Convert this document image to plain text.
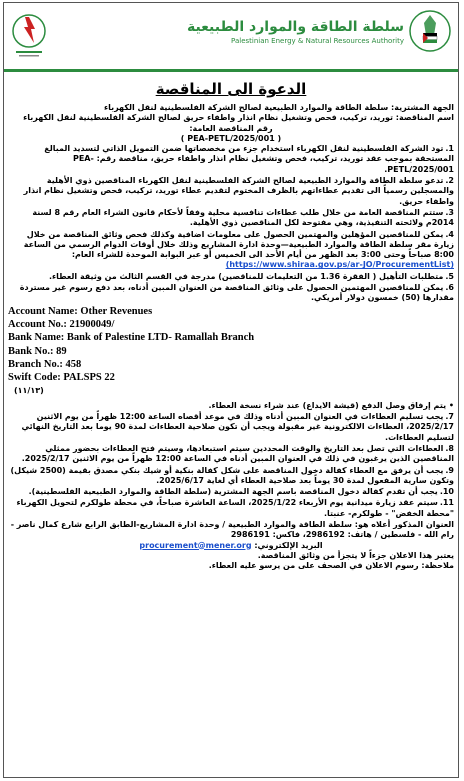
سلطة الطاقة والموارد الطبيعية
Palestinian Energy & Natural Resources Authority
الدعوة الى المناقصة

الجهة المشترية: سلطة الطاقة والموارد الطبيعية لصالح الشركة الفلسطينية لنقل الكهرباء

اسم المناقصة: توريد، تركيب، فحص وتشغيل نظام انذار واطفاء حريق لصالح الشركة الفلسطينية لنقل الكهرباء

رقم المناقصة العامة:

( PEA-PETL/2025/001 )

1.تود الشركة الفلسطينية لنقل الكهرباء استخدام جزء من مخصصاتها ضمن التمويل الذاتي لتسديد المبالغ المستحقة بموجب عقد توريد، تركيب، فحص وتشغيل نظام انذار واطفاء حريق، مناقصة رقم: PEA-PETL/2025/001.

2.تدعو سلطة الطاقة والموارد الطبيعية لصالح الشركة الفلسطينية لنقل الكهرباء المناقصين ذوي الأهلية والمسجلين رسمياً الى تقديم عطاءاتهم بالظرف المختوم لتقديم عطاء توريد، تركيب، فحص وتشغيل نظام انذار واطفاء حريق.

3.ستتم المناقصة العامة من خلال طلب عطاءات تنافسية محلية وفقاً لأحكام قانون الشراء العام رقم 8 لسنة 2014م ولائحته التنفيذية، وهي مفتوحة لكل المناقصين ذوي الأهلية.

4.يمكن للمناقصين المؤهلين والمهتمين الحصول على معلومات اضافية وكذلك فحص وثائق المناقصة من خلال زيارة مقر سلطة الطاقة والموارد الطبيعية—وحدة ادارة المشاريع وذلك خلال أوقات الدوام الرسمي من الساعة 8:00 صباحاً وحتى 3:00 بعد الظهر من أيام الأحد الى الخميس أو عبر البوابة الموحدة للشراء العام: (https://www.shiraa.gov.ps/ar-JO/ProcurementList)

5.متطلبات التأهيل ( الفقرة 1.36 من التعليمات للمناقصين) مدرجة في القسم الثالث من وثيقة العطاء.

6.يمكن للمناقصين المهتمين الحصول على وثائق المناقصة من العنوان المبين أدناه، بعد دفع رسوم غير مستردة مقدارها (50) خمسون دولار أمريكي.

Account Name: Other Revenues
Account No.: 21900049/
Bank Name: Bank of Palestine LTD- Ramallah Branch
Bank No.: 89
Branch No.: 458
Swift Code: PALSPS 22
(١١/١٣)

• يتم إرفاق وصل الدفع (قيشة الايداع) عند شراء نسخة العطاء.

7.يجب تسليم العطاءات في العنوان المبين أدناه وذلك في موعد أقصاه الساعة 12:00 ظهراً من يوم الاثنين 2025/2/17، العطاءات الالكترونية غير مقبولة ويجب أن تكون صلاحية العطاءات لمدة 90 يوما بعد التاريخ النهائي لتسليم العطاءات.

8.العطاءات التي تصل بعد التاريخ والوقت المحددين سيتم استبعادها، وسيتم فتح العطاءات بحضور ممثلي المناقصين الذين يرغبون في ذلك في العنوان المبين أدناه في الساعة 12:00 ظهراً من يوم الاثنين 2025/2/17.

9.يجب أن يرفق مع العطاء كفالة دخول المناقصة على شكل كفالة بنكية أو شيك بنكي مصدق بقيمة (2500 شيكل) وتكون سارية المفعول لمدة 30 يوماً بعد صلاحية العطاء أي لغاية 2025/6/17.

10.يجب أن تقدم كفالة دخول المناقصة باسم الجهة المشترية (سلطة الطاقة والموارد الطبيعية الفلسطينية).

11.سيتم عقد زيارة ميدانية يوم الأربعاء 2025/1/22، الساعة العاشرة صباحاً، في محطة طولكرم لتحويل الكهرباء "محطة الخفض" - طولكرم- عنبتا.

العنوان المذكور أعلاه هو: سلطة الطاقة والموارد الطبيعية / وحدة ادارة المشاريع-الطابق الرابع شارع كمال ناصر - رام الله - فلسطين / هاتف: 2986192، فاكس: 2986191

البريد الإلكتروني: procurement@mener.org

يعتبر هذا الاعلان جزءاً لا يتجزأ من وثائق المناقصة.

ملاحظة: رسوم الاعلان في الصحف على من يرسو عليه العطاء.
